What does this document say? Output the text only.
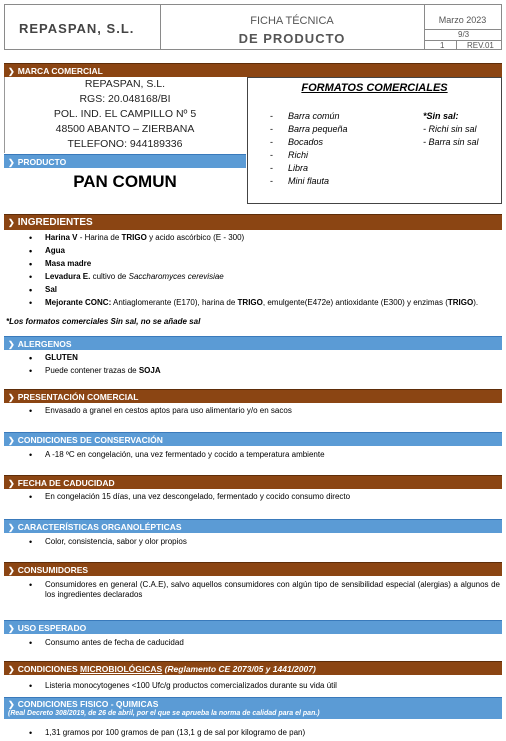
REPASPAN, S.L.	FICHA TÉCNICA
DE PRODUCTO
Marzo 2023
9/3
1	REV.01
❯ MARCA COMERCIAL
REPASPAN, S.L.
RGS: 20.048168/BI
POL. IND. EL CAMPILLO Nº 5
48500 ABANTO – ZIERBANA
TELEFONO: 944189336
FORMATOS COMERCIALES
- Barra común
- Barra pequeña
- Bocados
- Richi
- Libra
- Mini flauta
*Sin sal:
- Richi sin sal
- Barra sin sal
❯ PRODUCTO
PAN COMUN
❯ INGREDIENTES
• Harina V - Harina de TRIGO y acido ascórbico (E - 300)
• Agua
• Masa madre
• Levadura E. cultivo de Saccharomyces cerevisiae
• Sal
• Mejorante CONC: Antiaglomerante (E170), harina de TRIGO, emulgente(E472e) antioxidante (E300) y enzimas (TRIGO).
*Los formatos comerciales Sin sal, no se añade sal
❯ ALERGENOS
• GLUTEN
• Puede contener trazas de SOJA
❯ PRESENTACIÓN COMERCIAL
• Envasado a granel en cestos aptos para uso alimentario y/o en sacos
❯ CONDICIONES DE CONSERVACIÓN
• A -18 ºC en congelación, una vez fermentado y cocido a temperatura ambiente
❯ FECHA DE CADUCIDAD
• En congelación 15 días, una vez descongelado, fermentado y cocido consumo directo
❯ CARACTERÍSTICAS ORGANOLÉPTICAS
• Color, consistencia, sabor y olor propios
❯ CONSUMIDORES
• Consumidores en general (C.A.E), salvo aquellos consumidores con algún tipo de sensibilidad especial (alergias) a algunos de los ingredientes declarados
❯ USO ESPERADO
• Consumo antes de fecha de caducidad
❯ CONDICIONES MICROBIOLÓGICAS (Reglamento CE 2073/05 y 1441/2007)
• Listeria monocytogenes <100 Ufc/g productos comercializados durante su vida útil
❯ CONDICIONES FISICO - QUIMICAS
(Real Decreto 308/2019, de 26 de abril, por el que se aprueba la norma de calidad para el pan.)
• 1,31 gramos por 100 gramos de pan (13,1 g de sal por kilogramo de pan)
